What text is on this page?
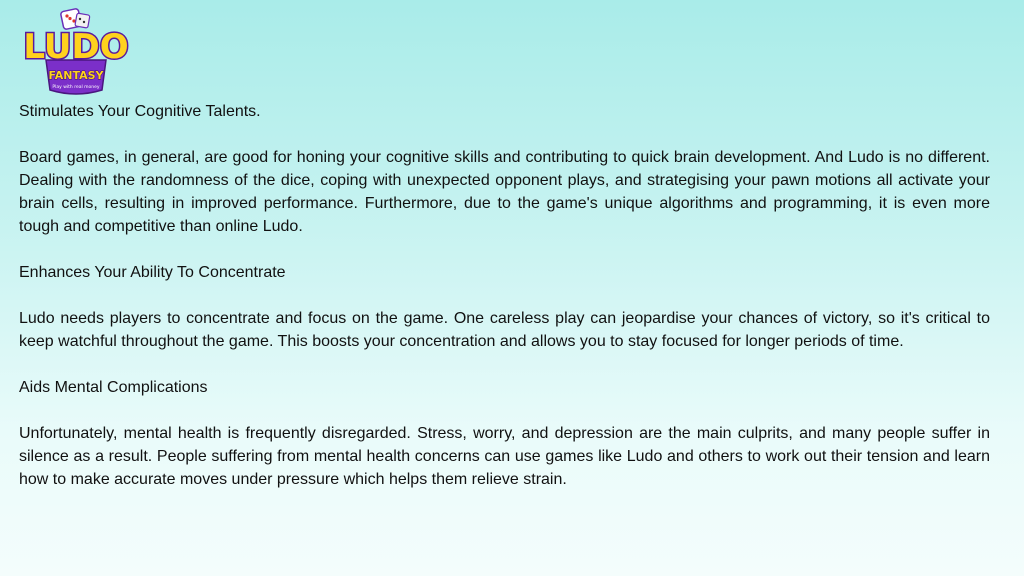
LUDO
FANTASY
Play with real money

Stimulates Your Cognitive Talents.

Board games, in general, are good for honing your cognitive skills and contributing to quick brain development. And Ludo is no different. Dealing with the randomness of the dice, coping with unexpected opponent plays, and strategising your pawn motions all activate your brain cells, resulting in improved performance. Furthermore, due to the game's unique algorithms and programming, it is even more tough and competitive than online Ludo.

Enhances Your Ability To Concentrate

Ludo needs players to concentrate and focus on the game. One careless play can jeopardise your chances of victory, so it's critical to keep watchful throughout the game. This boosts your concentration and allows you to stay focused for longer periods of time.

Aids Mental Complications

Unfortunately, mental health is frequently disregarded. Stress, worry, and depression are the main culprits, and many people suffer in silence as a result. People suffering from mental health concerns can use games like Ludo and others to work out their tension and learn how to make accurate moves under pressure which helps them relieve strain.
